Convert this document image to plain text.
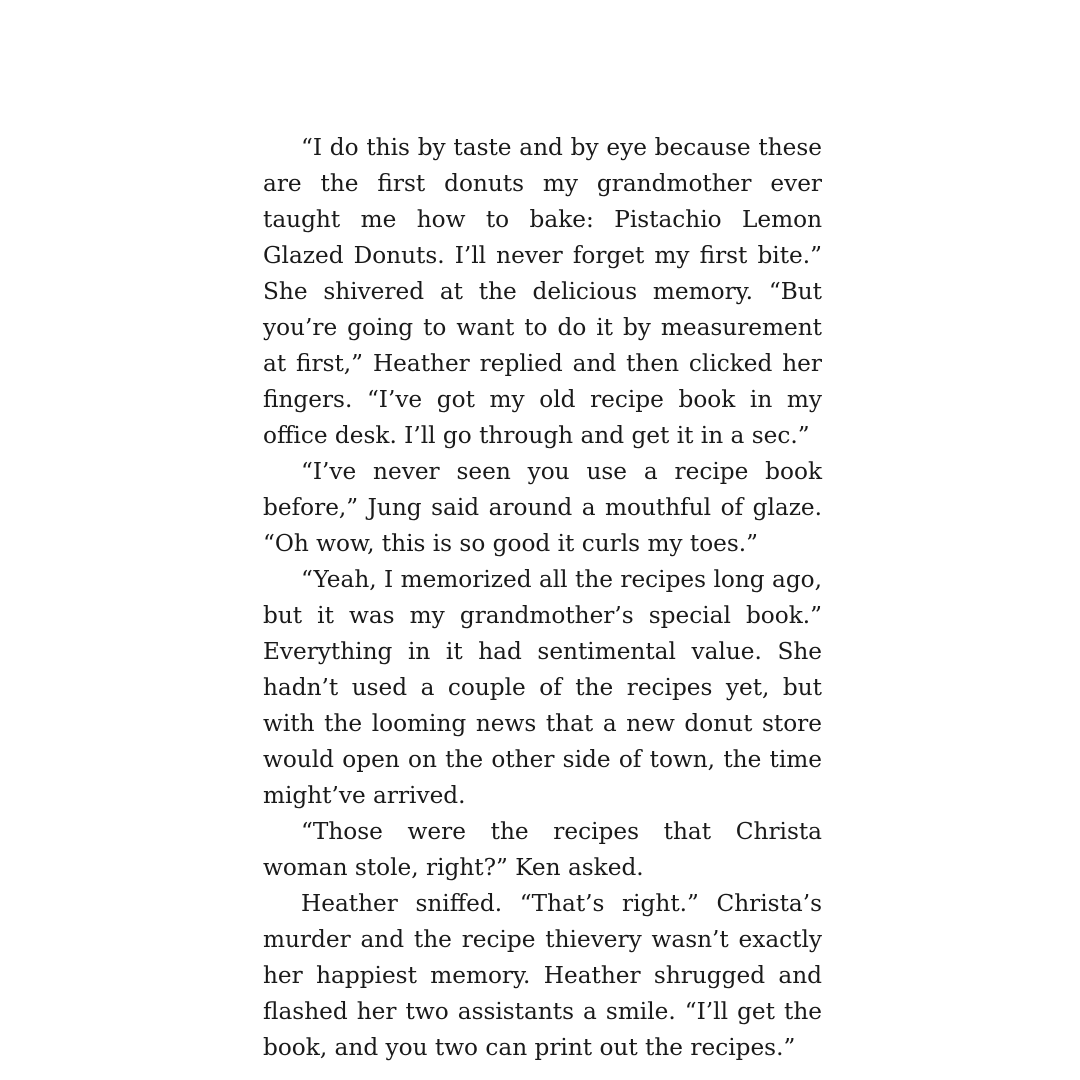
“I do this by taste and by eye because these are the first donuts my grandmother ever taught me how to bake: Pistachio Lemon Glazed Donuts. I’ll never forget my first bite.” She shivered at the delicious memory. “But you’re going to want to do it by measurement at first,” Heather replied and then clicked her fingers. “I’ve got my old recipe book in my office desk. I’ll go through and get it in a sec.”

“I’ve never seen you use a recipe book before,” Jung said around a mouthful of glaze. “Oh wow, this is so good it curls my toes.”

“Yeah, I memorized all the recipes long ago, but it was my grandmother’s special book.” Everything in it had sentimental value. She hadn’t used a couple of the recipes yet, but with the looming news that a new donut store would open on the other side of town, the time might’ve arrived.

“Those were the recipes that Christa woman stole, right?” Ken asked.

Heather sniffed. “That’s right.” Christa’s murder and the recipe thievery wasn’t exactly her happiest memory. Heather shrugged and flashed her two assistants a smile. “I’ll get the book, and you two can print out the recipes.”
